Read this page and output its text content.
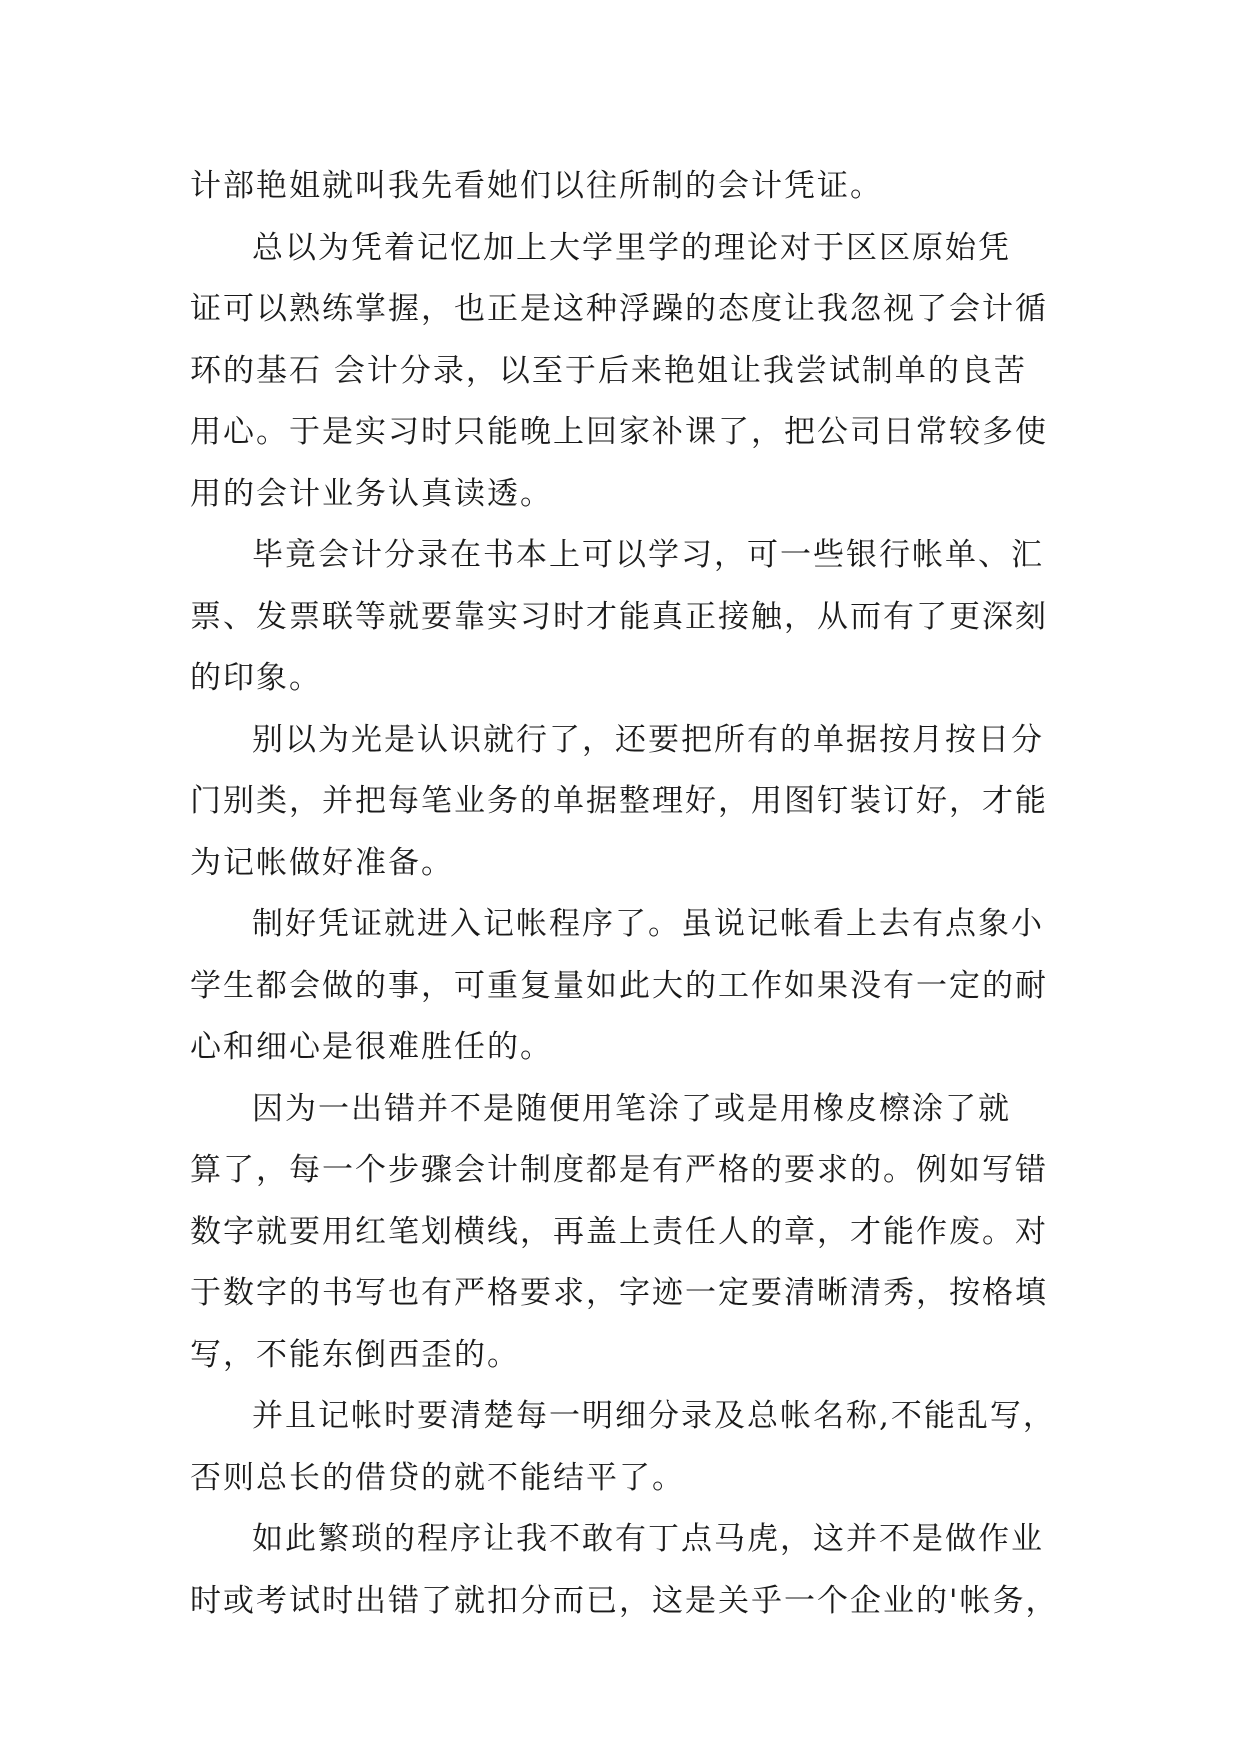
计部艳姐就叫我先看她们以往所制的会计凭证。
总以为凭着记忆加上大学里学的理论对于区区原始凭
证可以熟练掌握，也正是这种浮躁的态度让我忽视了会计循
环的基石 会计分录，以至于后来艳姐让我尝试制单的良苦
用心。于是实习时只能晚上回家补课了，把公司日常较多使
用的会计业务认真读透。
毕竟会计分录在书本上可以学习，可一些银行帐单、汇
票、发票联等就要靠实习时才能真正接触，从而有了更深刻
的印象。
别以为光是认识就行了，还要把所有的单据按月按日分
门别类，并把每笔业务的单据整理好，用图钉装订好，才能
为记帐做好准备。
制好凭证就进入记帐程序了。虽说记帐看上去有点象小
学生都会做的事，可重复量如此大的工作如果没有一定的耐
心和细心是很难胜任的。
因为一出错并不是随便用笔涂了或是用橡皮檫涂了就
算了，每一个步骤会计制度都是有严格的要求的。例如写错
数字就要用红笔划横线，再盖上责任人的章，才能作废。对
于数字的书写也有严格要求，字迹一定要清晰清秀，按格填
写，不能东倒西歪的。
并且记帐时要清楚每一明细分录及总帐名称,不能乱写，
否则总长的借贷的就不能结平了。
如此繁琐的程序让我不敢有丁点马虎，这并不是做作业
时或考试时出错了就扣分而已，这是关乎一个企业的'帐务，
